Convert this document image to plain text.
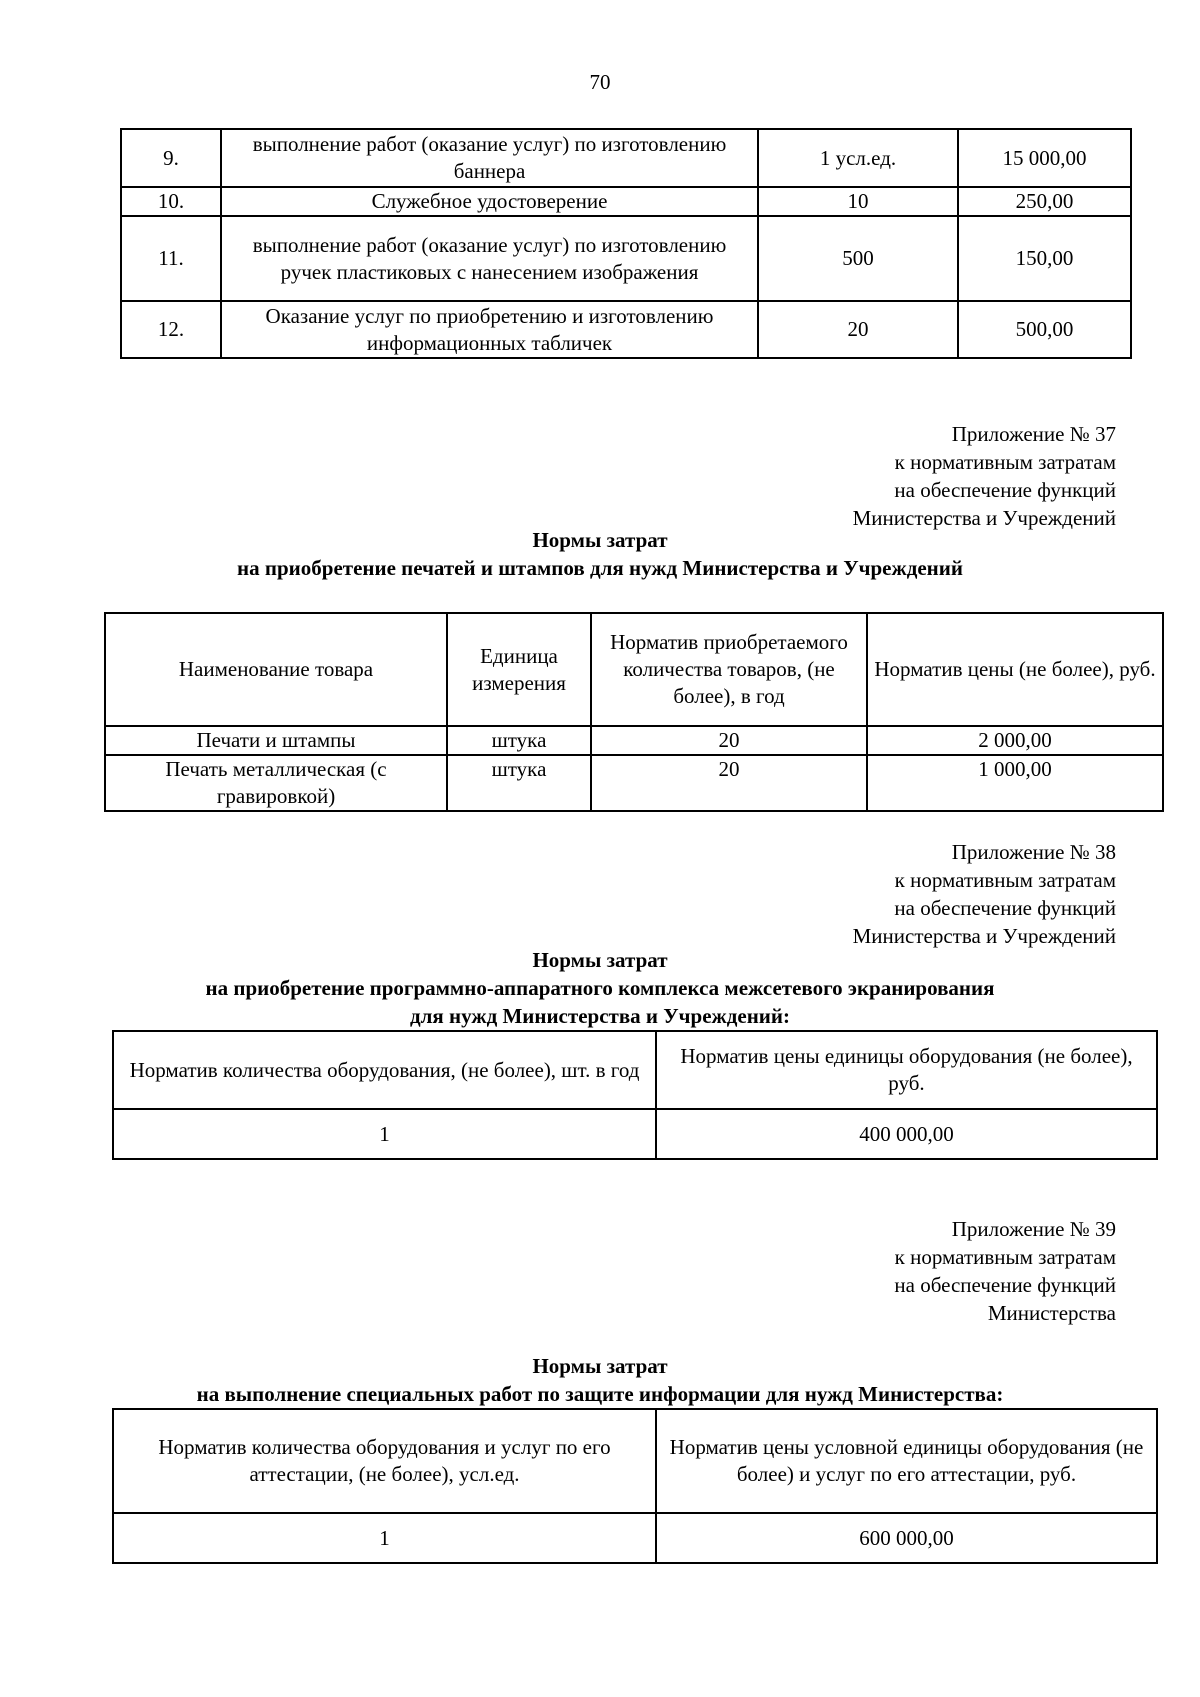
70
9.	выполнение работ (оказание услуг) по изготовлению баннера	1 усл.ед.	15 000,00
10.	Служебное удостоверение	10	250,00
11.	выполнение работ (оказание услуг) по изготовлению ручек пластиковых с нанесением изображения	500	150,00
12.	Оказание услуг по приобретению и изготовлению информационных табличек	20	500,00
Приложение № 37
к нормативным затратам
на обеспечение функций
Министерства и Учреждений
Нормы затрат
на приобретение печатей и штампов для нужд Министерства и Учреждений
Наименование товара	Единица измерения	Норматив приобретаемого количества товаров, (не более), в год	Норматив цены (не более), руб.
Печати и штампы	штука	20	2 000,00
Печать металлическая (с гравировкой)	штука	20	1 000,00
Приложение № 38
к нормативным затратам
на обеспечение функций
Министерства и Учреждений
Нормы затрат
на приобретение программно-аппаратного комплекса межсетевого экранирования
для нужд Министерства и Учреждений:
Норматив количества оборудования, (не более), шт. в год	Норматив цены единицы оборудования (не более), руб.
1	400 000,00
Приложение № 39
к нормативным затратам
на обеспечение функций
Министерства
Нормы затрат
на выполнение специальных работ по защите информации для нужд Министерства:
Норматив количества оборудования и услуг по его аттестации, (не более), усл.ед.	Норматив цены условной единицы оборудования (не более) и услуг по его аттестации, руб.
1	600 000,00
